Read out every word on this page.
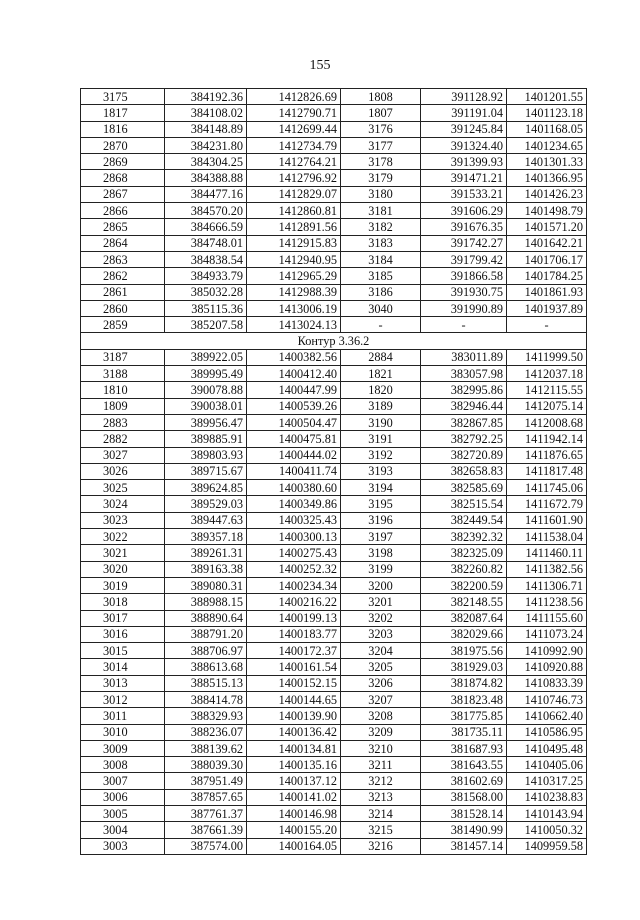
155
3175	384192.36	1412826.69	1808	391128.92	1401201.55
1817	384108.02	1412790.71	1807	391191.04	1401123.18
1816	384148.89	1412699.44	3176	391245.84	1401168.05
2870	384231.80	1412734.79	3177	391324.40	1401234.65
2869	384304.25	1412764.21	3178	391399.93	1401301.33
2868	384388.88	1412796.92	3179	391471.21	1401366.95
2867	384477.16	1412829.07	3180	391533.21	1401426.23
2866	384570.20	1412860.81	3181	391606.29	1401498.79
2865	384666.59	1412891.56	3182	391676.35	1401571.20
2864	384748.01	1412915.83	3183	391742.27	1401642.21
2863	384838.54	1412940.95	3184	391799.42	1401706.17
2862	384933.79	1412965.29	3185	391866.58	1401784.25
2861	385032.28	1412988.39	3186	391930.75	1401861.93
2860	385115.36	1413006.19	3040	391990.89	1401937.89
2859	385207.58	1413024.13	-	-	-
Контур 3.36.2					
3187	389922.05	1400382.56	2884	383011.89	1411999.50
3188	389995.49	1400412.40	1821	383057.98	1412037.18
1810	390078.88	1400447.99	1820	382995.86	1412115.55
1809	390038.01	1400539.26	3189	382946.44	1412075.14
2883	389956.47	1400504.47	3190	382867.85	1412008.68
2882	389885.91	1400475.81	3191	382792.25	1411942.14
3027	389803.93	1400444.02	3192	382720.89	1411876.65
3026	389715.67	1400411.74	3193	382658.83	1411817.48
3025	389624.85	1400380.60	3194	382585.69	1411745.06
3024	389529.03	1400349.86	3195	382515.54	1411672.79
3023	389447.63	1400325.43	3196	382449.54	1411601.90
3022	389357.18	1400300.13	3197	382392.32	1411538.04
3021	389261.31	1400275.43	3198	382325.09	1411460.11
3020	389163.38	1400252.32	3199	382260.82	1411382.56
3019	389080.31	1400234.34	3200	382200.59	1411306.71
3018	388988.15	1400216.22	3201	382148.55	1411238.56
3017	388890.64	1400199.13	3202	382087.64	1411155.60
3016	388791.20	1400183.77	3203	382029.66	1411073.24
3015	388706.97	1400172.37	3204	381975.56	1410992.90
3014	388613.68	1400161.54	3205	381929.03	1410920.88
3013	388515.13	1400152.15	3206	381874.82	1410833.39
3012	388414.78	1400144.65	3207	381823.48	1410746.73
3011	388329.93	1400139.90	3208	381775.85	1410662.40
3010	388236.07	1400136.42	3209	381735.11	1410586.95
3009	388139.62	1400134.81	3210	381687.93	1410495.48
3008	388039.30	1400135.16	3211	381643.55	1410405.06
3007	387951.49	1400137.12	3212	381602.69	1410317.25
3006	387857.65	1400141.02	3213	381568.00	1410238.83
3005	387761.37	1400146.98	3214	381528.14	1410143.94
3004	387661.39	1400155.20	3215	381490.99	1410050.32
3003	387574.00	1400164.05	3216	381457.14	1409959.58
